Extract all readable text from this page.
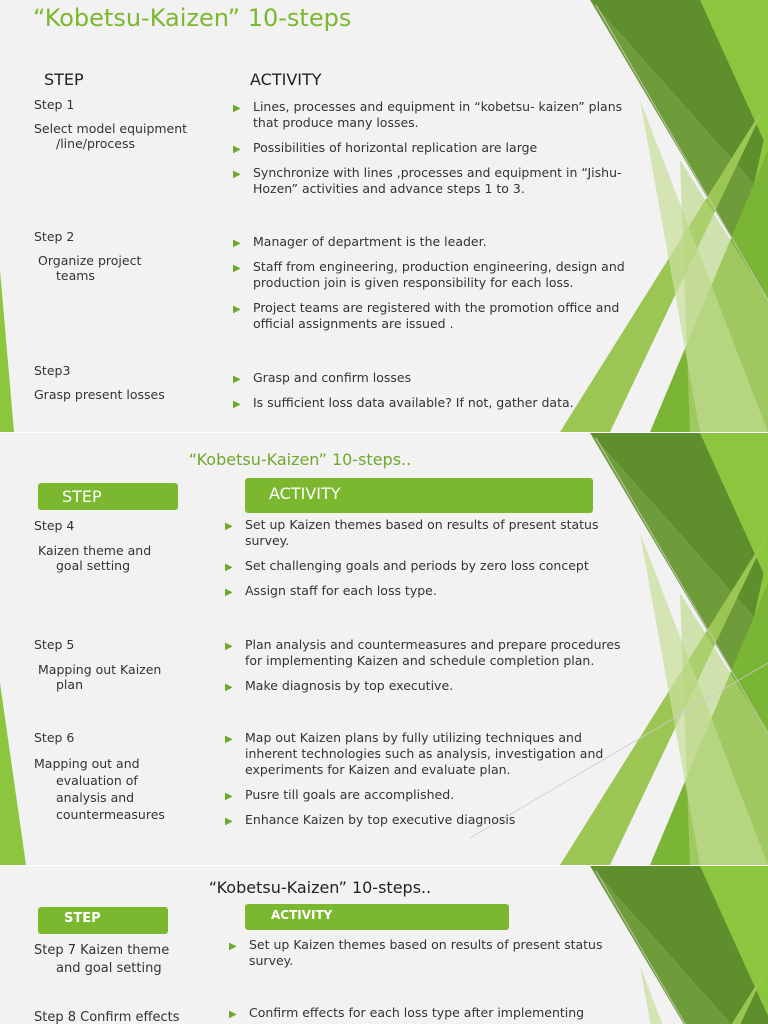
“Kobetsu-Kaizen” 10-steps
STEP	ACTIVITY
Step 1
Select model equipment
/line/process
▶ Lines, processes and equipment in “kobetsu- kaizen” plans that produce many losses.
▶ Possibilities of horizontal replication are large
▶ Synchronize with lines ,processes and equipment in “Jishu-Hozen” activities and advance steps 1 to 3.
Step 2
Organize project
teams
▶ Manager of department is the leader.
▶ Staff from engineering, production engineering, design and production join is given responsibility for each loss.
▶ Project teams are registered with the promotion office and official assignments are issued .
Step3
Grasp present losses
▶ Grasp and confirm losses
▶ Is sufficient loss data available? If not, gather data.
“Kobetsu-Kaizen” 10-steps..
STEP	ACTIVITY
Step 4
Kaizen theme and
goal setting
▶ Set up Kaizen themes based on results of present status survey.
▶ Set challenging goals and periods by zero loss concept
▶ Assign staff for each loss type.
Step 5
Mapping out Kaizen
plan
▶ Plan analysis and countermeasures and prepare procedures for implementing Kaizen and schedule completion plan.
▶ Make diagnosis by top executive.
Step 6
Mapping out and
evaluation of
analysis and
countermeasures
▶ Map out Kaizen plans by fully utilizing techniques and inherent technologies such as analysis, investigation and experiments for Kaizen and evaluate plan.
▶ Pusre till goals are accomplished.
▶ Enhance Kaizen by top executive diagnosis
“Kobetsu-Kaizen” 10-steps..
STEP	ACTIVITY
Step 7 Kaizen theme
and goal setting
▶ Set up Kaizen themes based on results of present status survey.
Step 8 Confirm effects	▶ Confirm effects for each loss type after implementing
